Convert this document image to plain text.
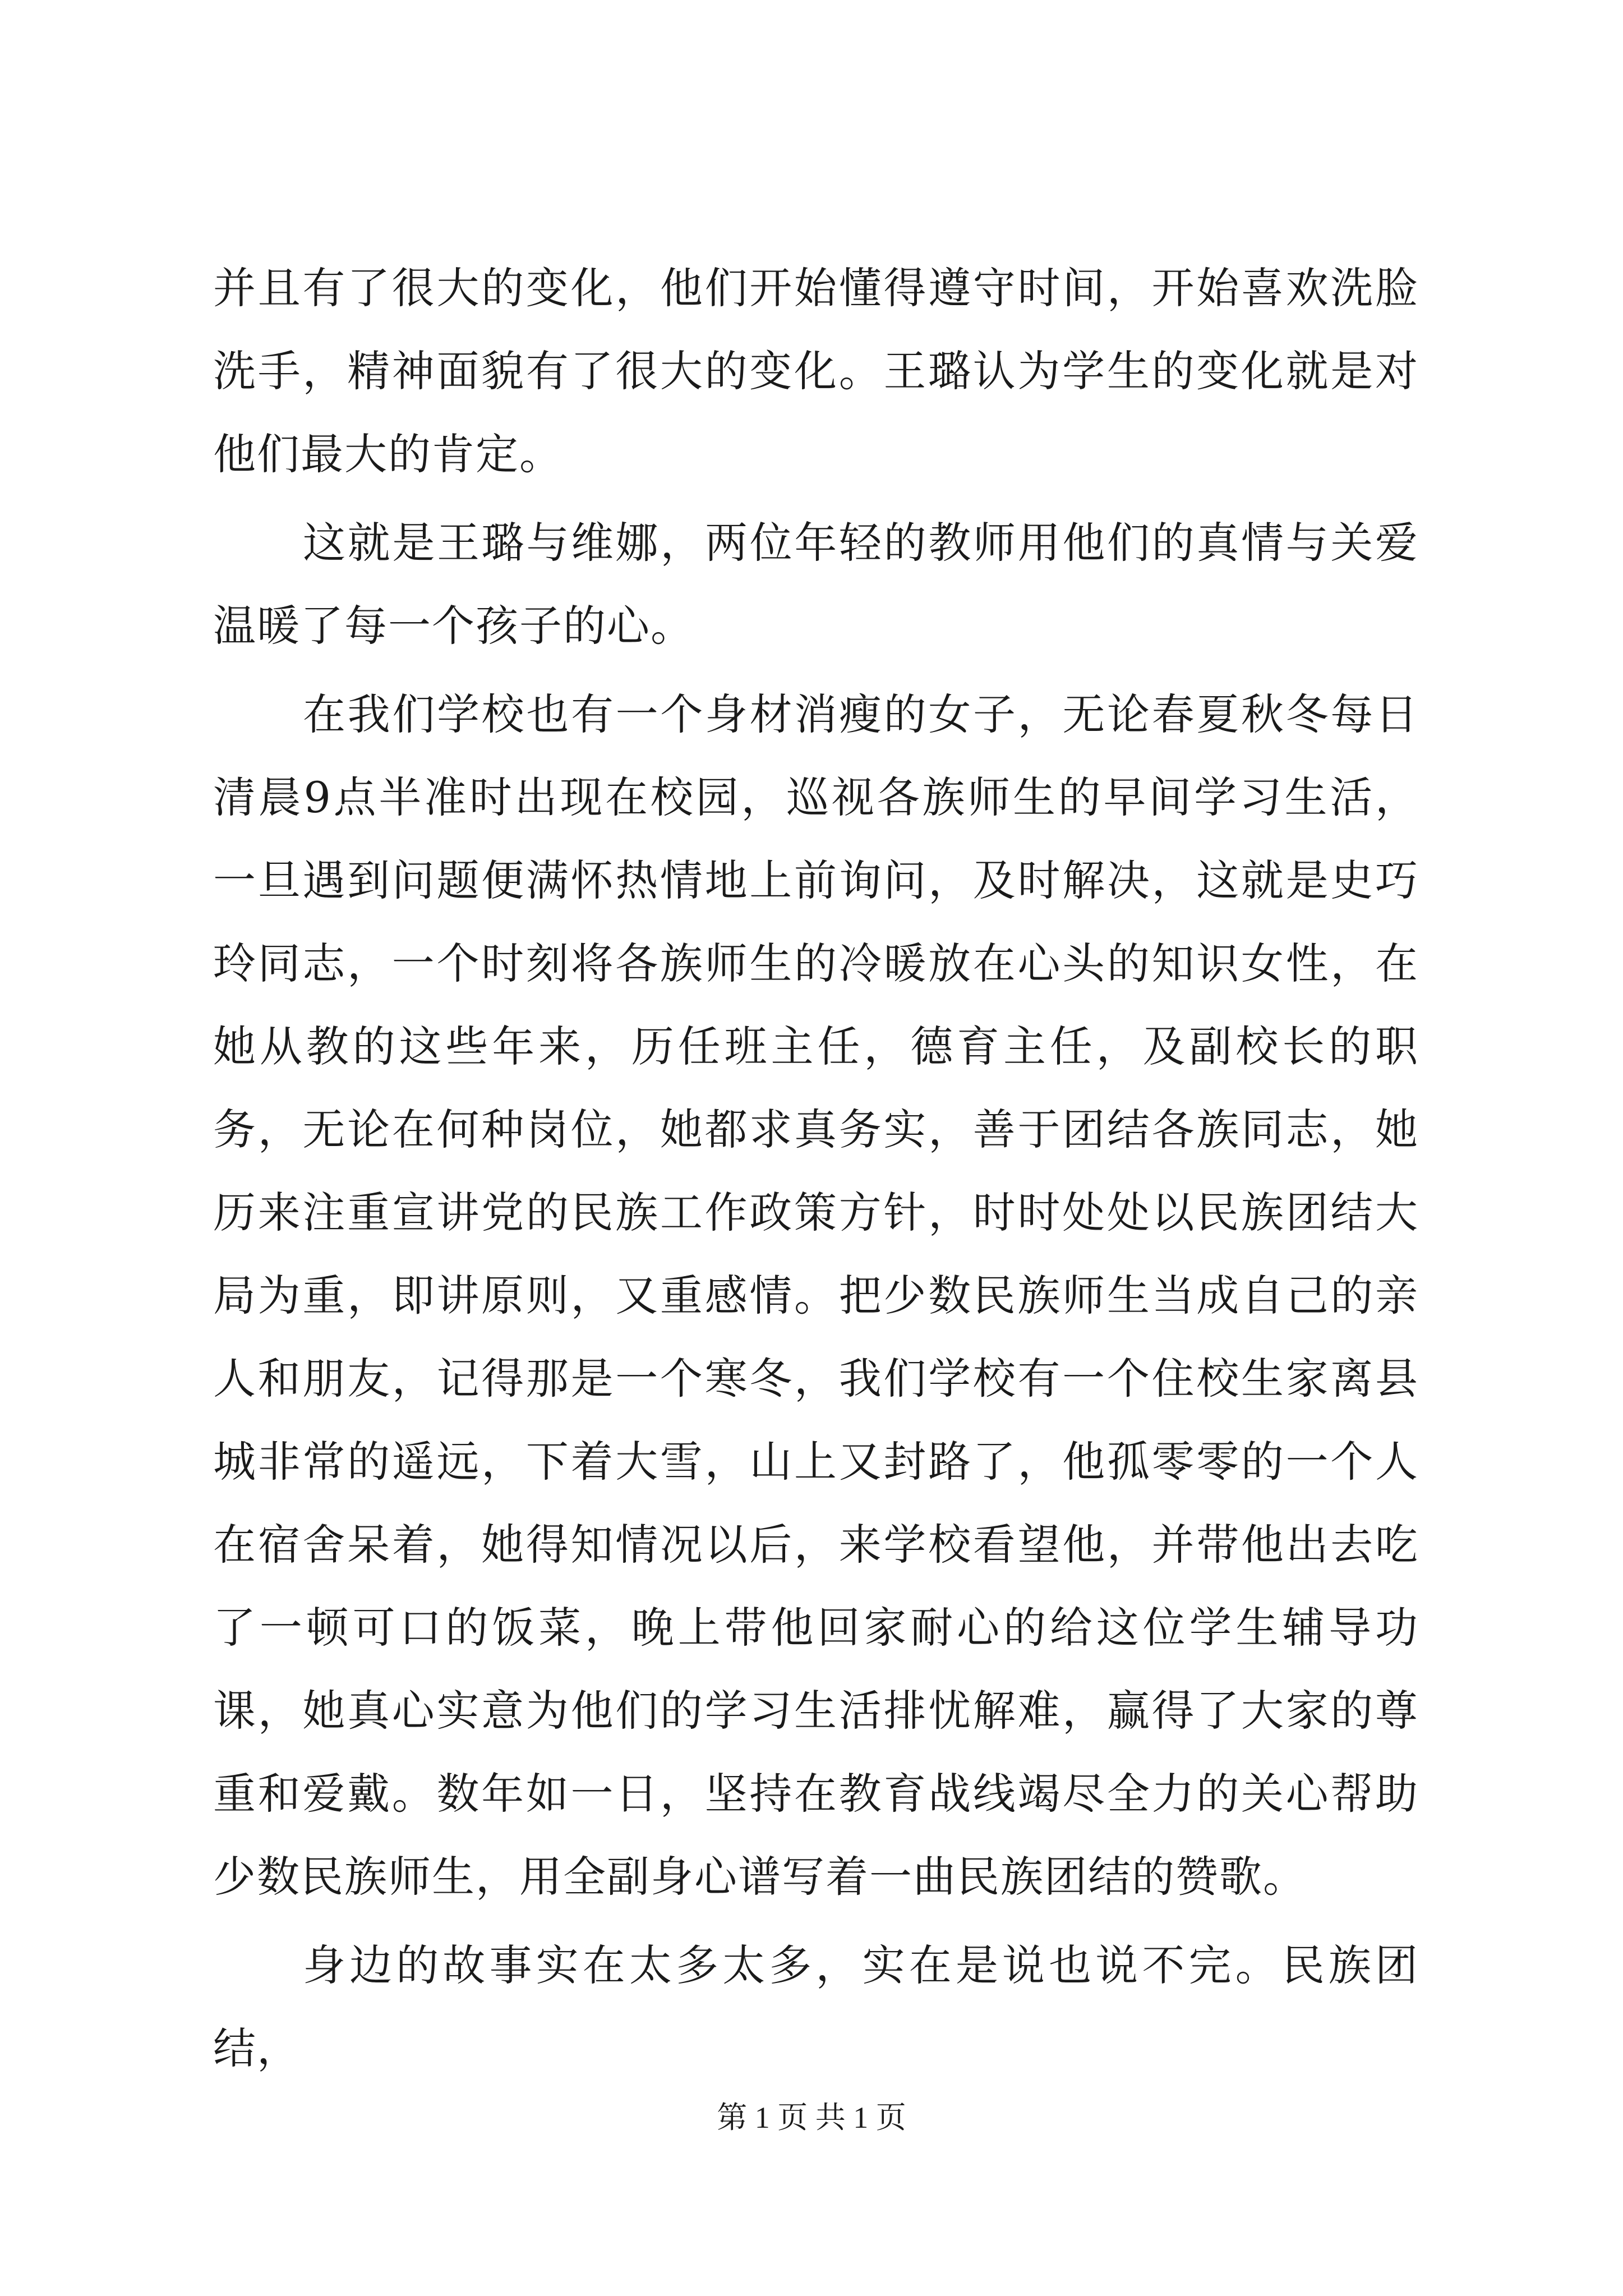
并且有了很大的变化，他们开始懂得遵守时间，开始喜欢洗脸洗手，精神面貌有了很大的变化。王璐认为学生的变化就是对他们最大的肯定。

这就是王璐与维娜，两位年轻的教师用他们的真情与关爱温暖了每一个孩子的心。

在我们学校也有一个身材消瘦的女子，无论春夏秋冬每日清晨9点半准时出现在校园，巡视各族师生的早间学习生活，一旦遇到问题便满怀热情地上前询问，及时解决，这就是史巧玲同志，一个时刻将各族师生的冷暖放在心头的知识女性，在她从教的这些年来，历任班主任，德育主任，及副校长的职务，无论在何种岗位，她都求真务实，善于团结各族同志，她历来注重宣讲党的民族工作政策方针，时时处处以民族团结大局为重，即讲原则，又重感情。把少数民族师生当成自己的亲人和朋友，记得那是一个寒冬，我们学校有一个住校生家离县城非常的遥远，下着大雪，山上又封路了，他孤零零的一个人在宿舍呆着，她得知情况以后，来学校看望他，并带他出去吃了一顿可口的饭菜，晚上带他回家耐心的给这位学生辅导功课，她真心实意为他们的学习生活排忧解难，赢得了大家的尊重和爱戴。数年如一日，坚持在教育战线竭尽全力的关心帮助少数民族师生，用全副身心谱写着一曲民族团结的赞歌。

身边的故事实在太多太多，实在是说也说不完。民族团结，

第 1 页 共 1 页
